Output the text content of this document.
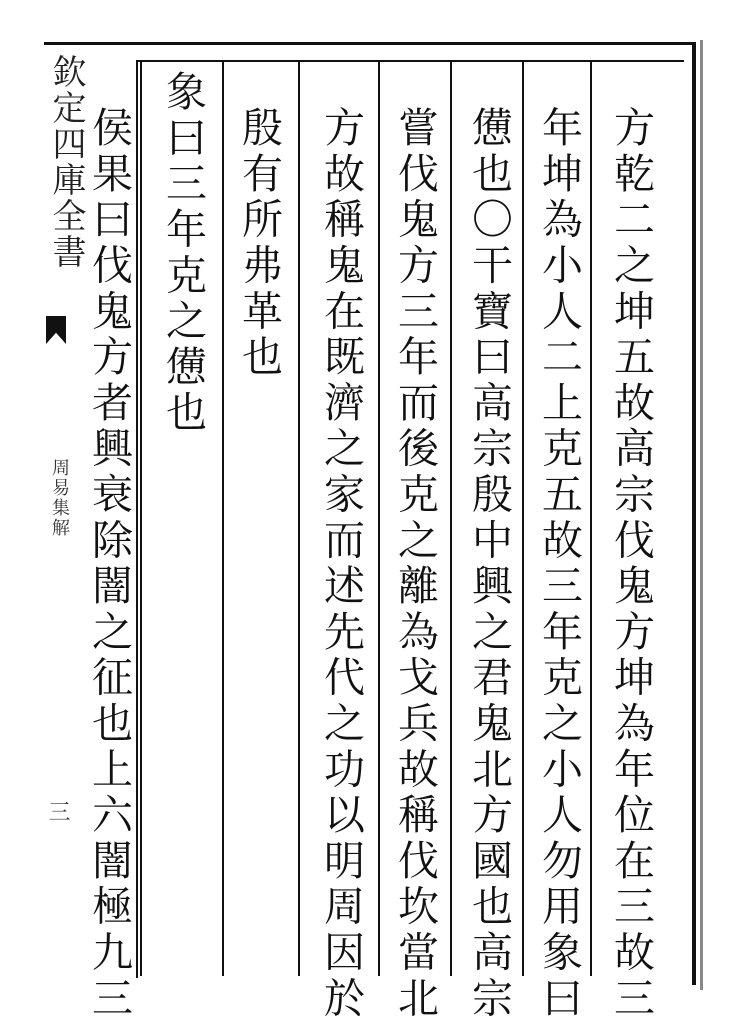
欽定四庫全書
周易集解
三	方乾二之坤五故高宗伐鬼方坤為年位在三故三
年坤為小人二上克五故三年克之小人勿用象曰
憊也〇干寶曰高宗殷中興之君鬼北方國也高宗
嘗伐鬼方三年而後克之離為戈兵故稱伐坎當北
方故稱鬼在既濟之家而述先代之功以明周因於
殷有所弗革也
象曰三年克之憊也
侯果曰伐鬼方者興衰除闇之征也上六闇極九三
